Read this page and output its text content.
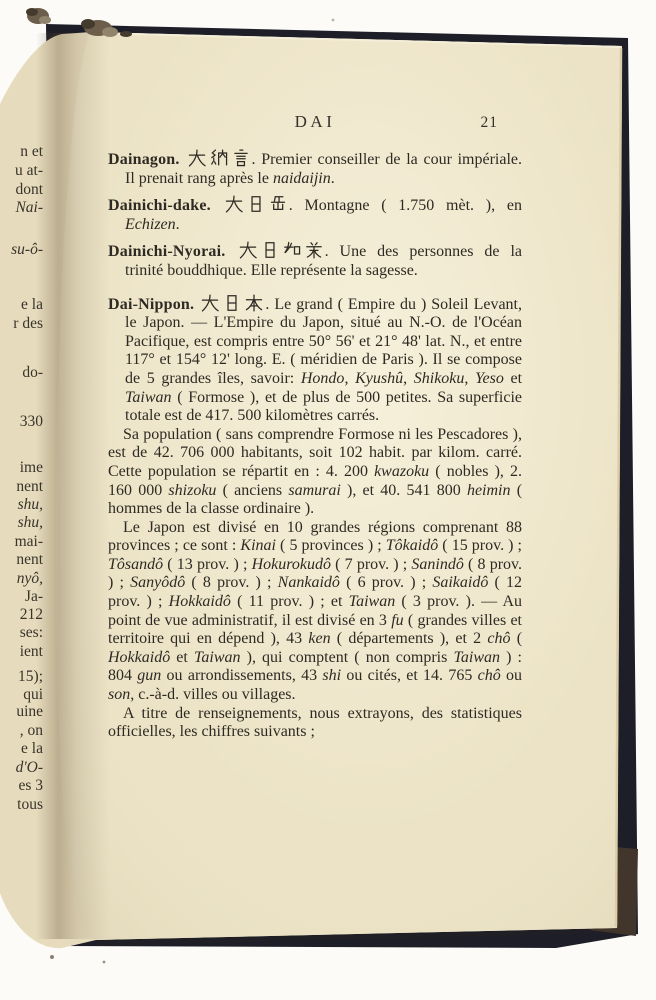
n et
u at-
dont
Nai-
su-ô-
e la
r des
do-
330
ime
nent
shu,
shu,
mai-
nent
nyô,
Ja-
212
ses:
ient
15);
qui
uine
, on
e la
d'O-
es 3
tous
DAI	21
Dainagon.	. Premier conseiller de la cour impériale. Il prenait rang après le naidaijin.
Dainichi-dake.	. Montagne ( 1.750 mèt. ), en Echizen.
Dainichi-Nyorai.	. Une des personnes de la trinité bouddhique. Elle représente la sagesse.
Dai-Nippon.	. Le grand ( Empire du ) Soleil Levant, le Japon. — L'Empire du Japon, situé au N.-O. de l'Océan Pacifique, est compris entre 50° 56' et 21° 48' lat. N., et entre 117° et 154° 12' long. E. ( méridien de Paris ). Il se compose de 5 grandes îles, savoir: Hondo, Kyushû, Shikoku, Yeso et Taiwan ( Formose ), et de plus de 500 petites. Sa superficie totale est de 417. 500 kilomètres carrés.
Sa population ( sans comprendre Formose ni les Pescadores ), est de 42. 706 000 habitants, soit 102 habit. par kilom. carré. Cette population se répartit en : 4. 200 kwazoku ( nobles ), 2. 160 000 shizoku ( anciens samurai ), et 40. 541 800 heimin ( hommes de la classe ordinaire ).
Le Japon est divisé en 10 grandes régions comprenant 88 provinces ; ce sont : Kinai ( 5 provinces ) ; Tôkaidô ( 15 prov. ) ; Tôsandô ( 13 prov. ) ; Hokurokudô ( 7 prov. ) ; Sanindô ( 8 prov. ) ; Sanyôdô ( 8 prov. ) ; Nankaidô ( 6 prov. ) ; Saikaidô ( 12 prov. ) ; Hokkaidô ( 11 prov. ) ; et Taiwan ( 3 prov. ). — Au point de vue administratif, il est divisé en 3 fu ( grandes villes et territoire qui en dépend ), 43 ken ( départements ), et 2 chô ( Hokkaidô et Taiwan ), qui comptent ( non compris Taiwan ) : 804 gun ou arrondissements, 43 shi ou cités, et 14. 765 chô ou son, c.-à-d. villes ou villages.
A titre de renseignements, nous extrayons, des statistiques officielles, les chiffres suivants ;
